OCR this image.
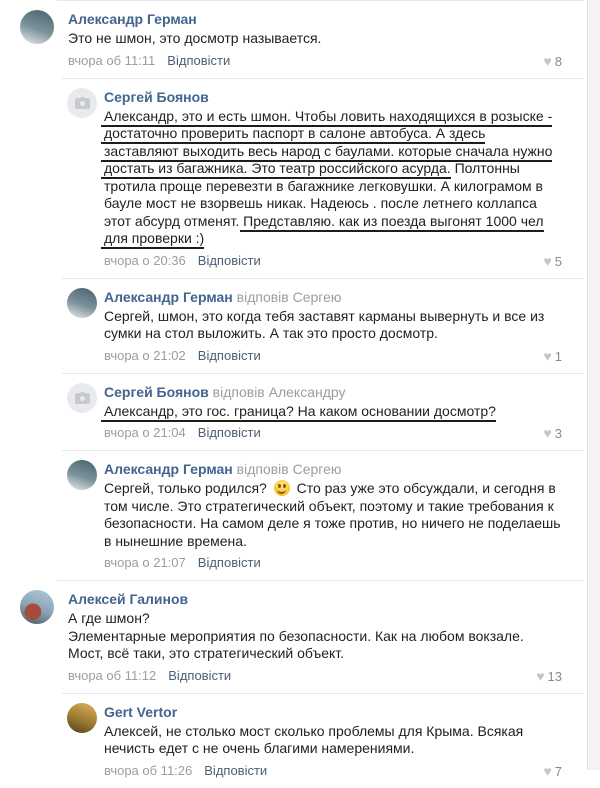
Александр Герман
Это не шмон, это досмотр называется.
вчора об 11:11 Відповісти	♥ 8
Сергей Боянов
Александр, это и есть шмон. Чтобы ловить находящихся в розыске -
достаточно проверить паспорт в салоне автобуса. А здесь
заставляют выходить весь народ с баулами. которые сначала нужно
достать из багажника. Это театр российского асурда. Полтонны
тротила проще перевезти в багажнике легковушки. А килограмом в
бауле мост не взорвешь никак. Надеюсь . после летнего коллапса
этот абсурд отменят. Представляю. как из поезда выгонят 1000 чел
для проверки :)
вчора о 20:36 Відповісти	♥ 5
Александр Герман відповів Сергею
Сергей, шмон, это когда тебя заставят карманы вывернуть и все из
сумки на стол выложить. А так это просто досмотр.
вчора о 21:02 Відповісти	♥ 1
Сергей Боянов відповів Александру
Александр, это гос. граница? На каком основании досмотр?
вчора о 21:04 Відповісти	♥ 3
Александр Герман відповів Сергею
Сергей, только родился?  Сто раз уже это обсуждали, и сегодня в
том числе. Это стратегический объект, поэтому и такие требования к
безопасности. На самом деле я тоже против, но ничего не поделаешь
в нынешние времена.
вчора о 21:07 Відповісти
Алексей Галинов
А где шмон?
Элементарные мероприятия по безопасности. Как на любом вокзале.
Мост, всё таки, это стратегический объект.
вчора об 11:12 Відповісти	♥ 13
Gert Vertor
Алексей, не столько мост сколько проблемы для Крыма. Всякая
нечисть едет с не очень благими намерениями.
вчора об 11:26 Відповісти	♥ 7
